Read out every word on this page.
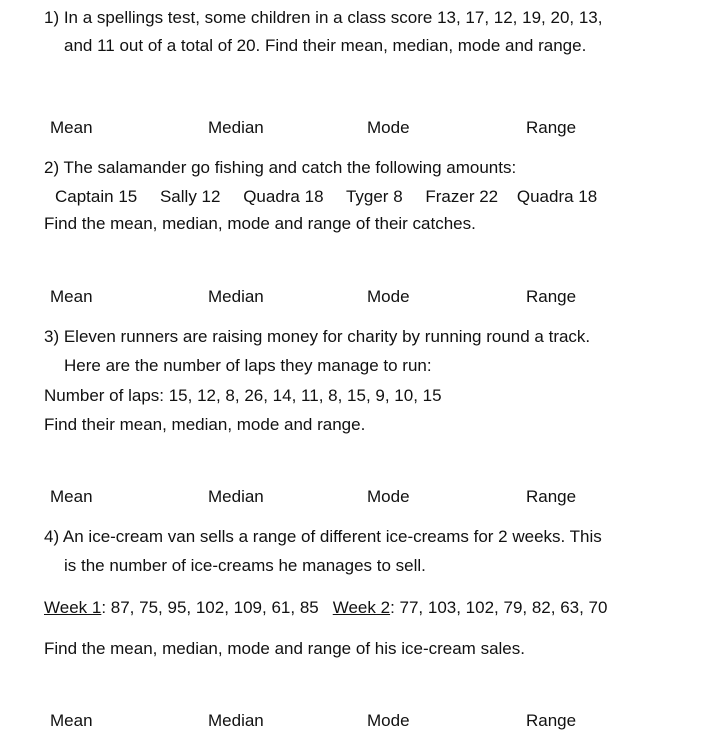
1) In a spellings test, some children in a class score 13, 17, 12, 19, 20, 13,
and 11 out of a total of 20. Find their mean, median, mode and range.
Mean	Median	Mode	Range
2) The salamander go fishing and catch the following amounts:
Captain 15 Sally 12 Quadra 18 Tyger 8 Frazer 22 Quadra 18
Find the mean, median, mode and range of their catches.
Mean	Median	Mode	Range
3) Eleven runners are raising money for charity by running round a track.
Here are the number of laps they manage to run:
Number of laps: 15, 12, 8, 26, 14, 11, 8, 15, 9, 10, 15
Find their mean, median, mode and range.
Mean	Median	Mode	Range
4) An ice-cream van sells a range of different ice-creams for 2 weeks. This
is the number of ice-creams he manages to sell.
Week 1: 87, 75, 95, 102, 109, 61, 85 Week 2: 77, 103, 102, 79, 82, 63, 70
Find the mean, median, mode and range of his ice-cream sales.
Mean	Median	Mode	Range
